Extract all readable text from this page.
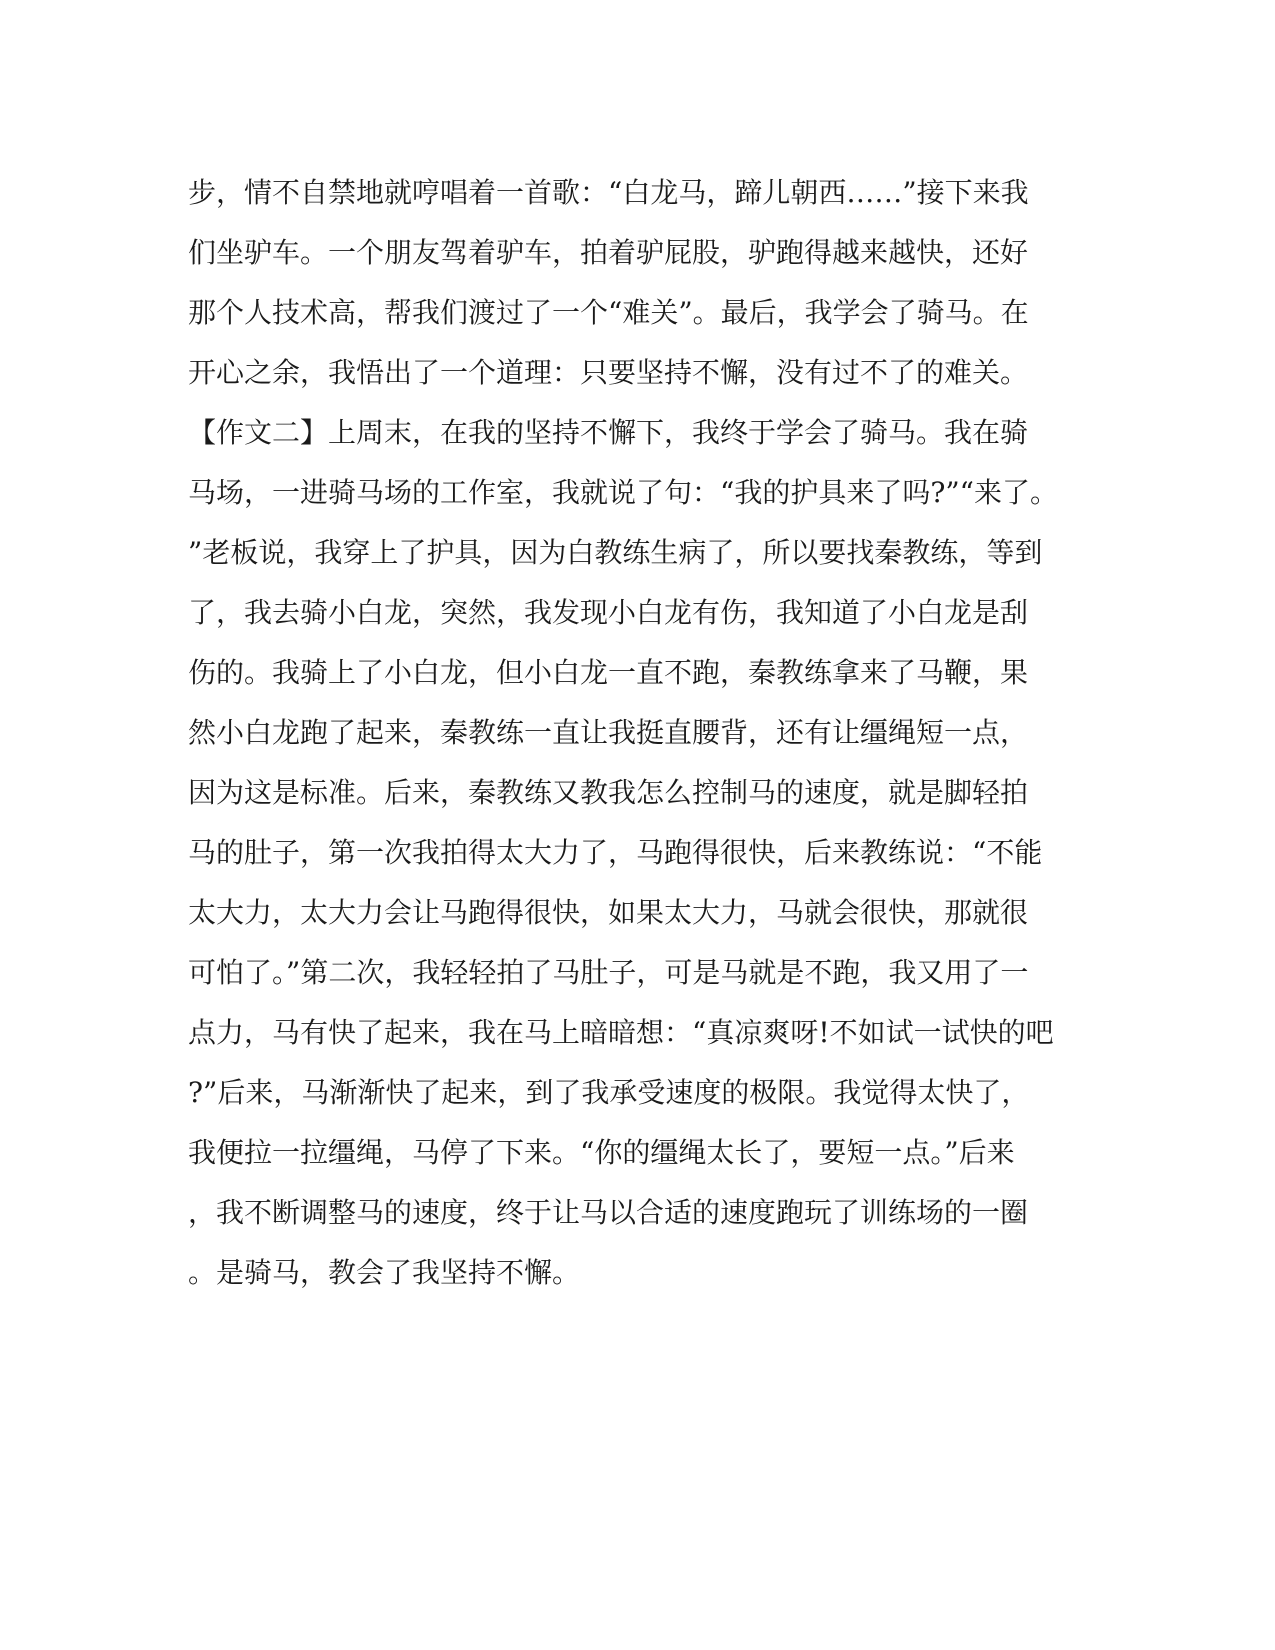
步，情不自禁地就哼唱着一首歌：“白龙马，蹄儿朝西……”接下来我
们坐驴车。一个朋友驾着驴车，拍着驴屁股，驴跑得越来越快，还好
那个人技术高，帮我们渡过了一个“难关”。最后，我学会了骑马。在
开心之余，我悟出了一个道理：只要坚持不懈，没有过不了的难关。
【作文二】上周末，在我的坚持不懈下，我终于学会了骑马。我在骑
马场，一进骑马场的工作室，我就说了句：“我的护具来了吗?”“来了。
”老板说，我穿上了护具，因为白教练生病了，所以要找秦教练，等到
了，我去骑小白龙，突然，我发现小白龙有伤，我知道了小白龙是刮
伤的。我骑上了小白龙，但小白龙一直不跑，秦教练拿来了马鞭，果
然小白龙跑了起来，秦教练一直让我挺直腰背，还有让缰绳短一点，
因为这是标准。后来，秦教练又教我怎么控制马的速度，就是脚轻拍
马的肚子，第一次我拍得太大力了，马跑得很快，后来教练说：“不能
太大力，太大力会让马跑得很快，如果太大力，马就会很快，那就很
可怕了。”第二次，我轻轻拍了马肚子，可是马就是不跑，我又用了一
点力，马有快了起来，我在马上暗暗想：“真凉爽呀!不如试一试快的吧
?”后来，马渐渐快了起来，到了我承受速度的极限。我觉得太快了，
我便拉一拉缰绳，马停了下来。“你的缰绳太长了，要短一点。”后来
，我不断调整马的速度，终于让马以合适的速度跑玩了训练场的一圈
。是骑马，教会了我坚持不懈。
